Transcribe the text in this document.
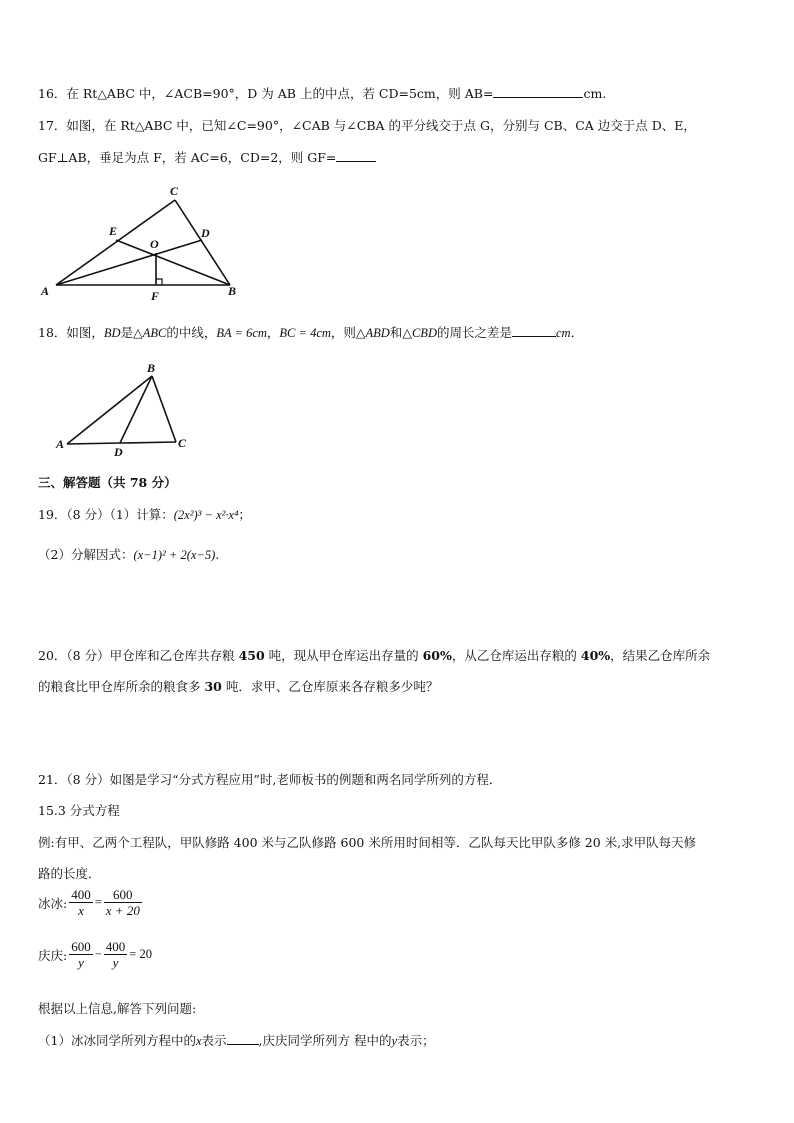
16．在 Rt△ABC 中，∠ACB=90°，D 为 AB 上的中点，若 CD=5cm，则 AB=	cm.
17．如图，在 Rt△ABC 中，已知∠C=90°，∠CAB 与∠CBA 的平分线交于点 G，分别与 CB、CA 边交于点 D、E，
GF⊥AB，垂足为点 F，若 AC=6，CD=2，则 GF=
C
E	D
O
A	B
F
18．如图，BD是△ABC的中线，BA = 6cm，BC = 4cm，则△ABD和△CBD的周长之差是	cm．
B
A	C
D
三、解答题（共 78 分）
19．（8 分）（1）计算：(2x²)³ − x²·x⁴；
（2）分解因式：(x−1)² + 2(x−5).
20．（8 分）甲仓库和乙仓库共存粮 450 吨，现从甲仓库运出存量的 60%，从乙仓库运出存粮的 40%，结果乙仓库所余
的粮食比甲仓库所余的粮食多 30 吨．求甲、乙仓库原来各存粮多少吨？
21．（8 分）如图是学习“分式方程应用”时,老师板书的例题和两名同学所列的方程．
15.3 分式方程
例:有甲、乙两个工程队，甲队修路 400 米与乙队修路 600 米所用时间相等．乙队每天比甲队多修 20 米,求甲队每天修
路的长度．
冰冰: $\frac{400}{x} = \frac{600}{x + 20}$
庆庆: $\frac{600}{y} - \frac{400}{y} = 20$
根据以上信息,解答下列问题:
（1）冰冰同学所列方程中的x表示	,庆庆同学所列方 程中的y表示；
